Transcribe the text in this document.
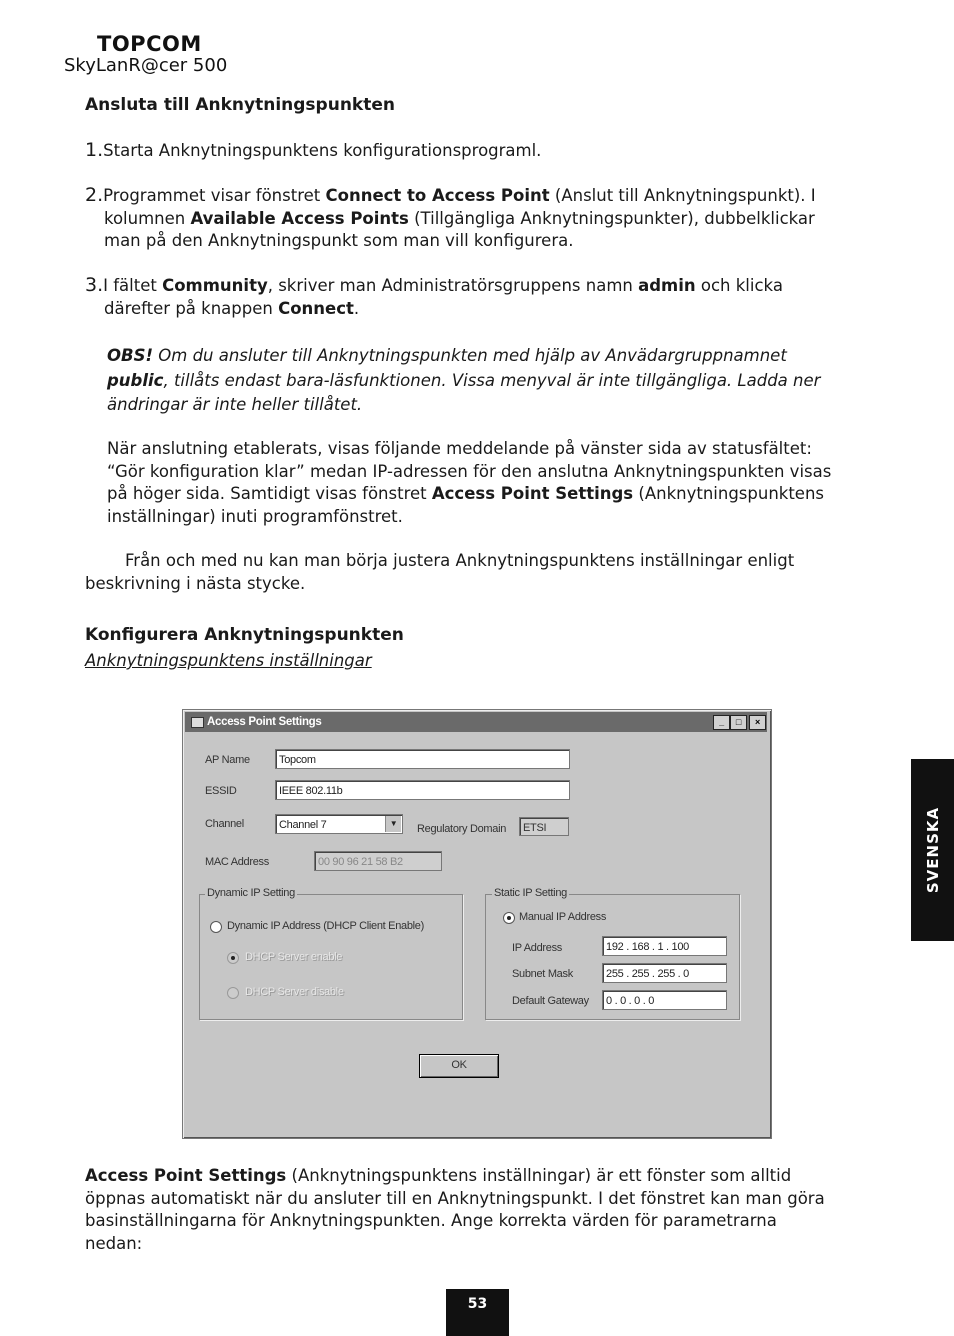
TOPCOM
SkyLanR@cer 500
Ansluta till Anknytningspunkten
1.Starta Anknytningspunktens konfigurationsprograml.
2.Programmet visar fönstret Connect to Access Point (Anslut till Anknytningspunkt). I
kolumnen Available Access Points (Tillgängliga Anknytningspunkter), dubbelklickar
man på den Anknytningspunkt som man vill konfigurera.
3.I fältet Community, skriver man Administratörsgruppens namn admin och klicka
därefter på knappen Connect.
OBS! Om du ansluter till Anknytningspunkten med hjälp av Anvädargruppnamnet
public, tillåts endast bara-läsfunktionen. Vissa menyval är inte tillgängliga. Ladda ner
ändringar är inte heller tillåtet.
När anslutning etablerats, visas följande meddelande på vänster sida av statusfältet:
“Gör konfiguration klar” medan IP-adressen för den anslutna Anknytningspunkten visas
på höger sida. Samtidigt visas fönstret Access Point Settings (Anknytningspunktens
inställningar) inuti programfönstret.
Från och med nu kan man börja justera Anknytningspunktens inställningar enligt
beskrivning i nästa stycke.
Konfigurera Anknytningspunkten
Anknytningspunktens inställningar
Access Point Settings	_	□	×
AP Name	Topcom
ESSID	IEEE 802.11b
Channel	Channel 7	▼	Regulatory Domain	ETSI
MAC Address	00 90 96 21 58 B2
Dynamic IP Setting
Dynamic IP Address (DHCP Client Enable)
DHCP Server enable
DHCP Server disable
Static IP Setting
Manual IP Address
IP Address	192 . 168 . 1 . 100
Subnet Mask	255 . 255 . 255 . 0
Default Gateway	0 . 0 . 0 . 0
OK
Access Point Settings (Anknytningspunktens inställningar) är ett fönster som alltid
öppnas automatiskt när du ansluter till en Anknytningspunkt. I det fönstret kan man göra
basinställningarna för Anknytningspunkten. Ange korrekta värden för parametrarna
nedan:
SVENSKA
53
